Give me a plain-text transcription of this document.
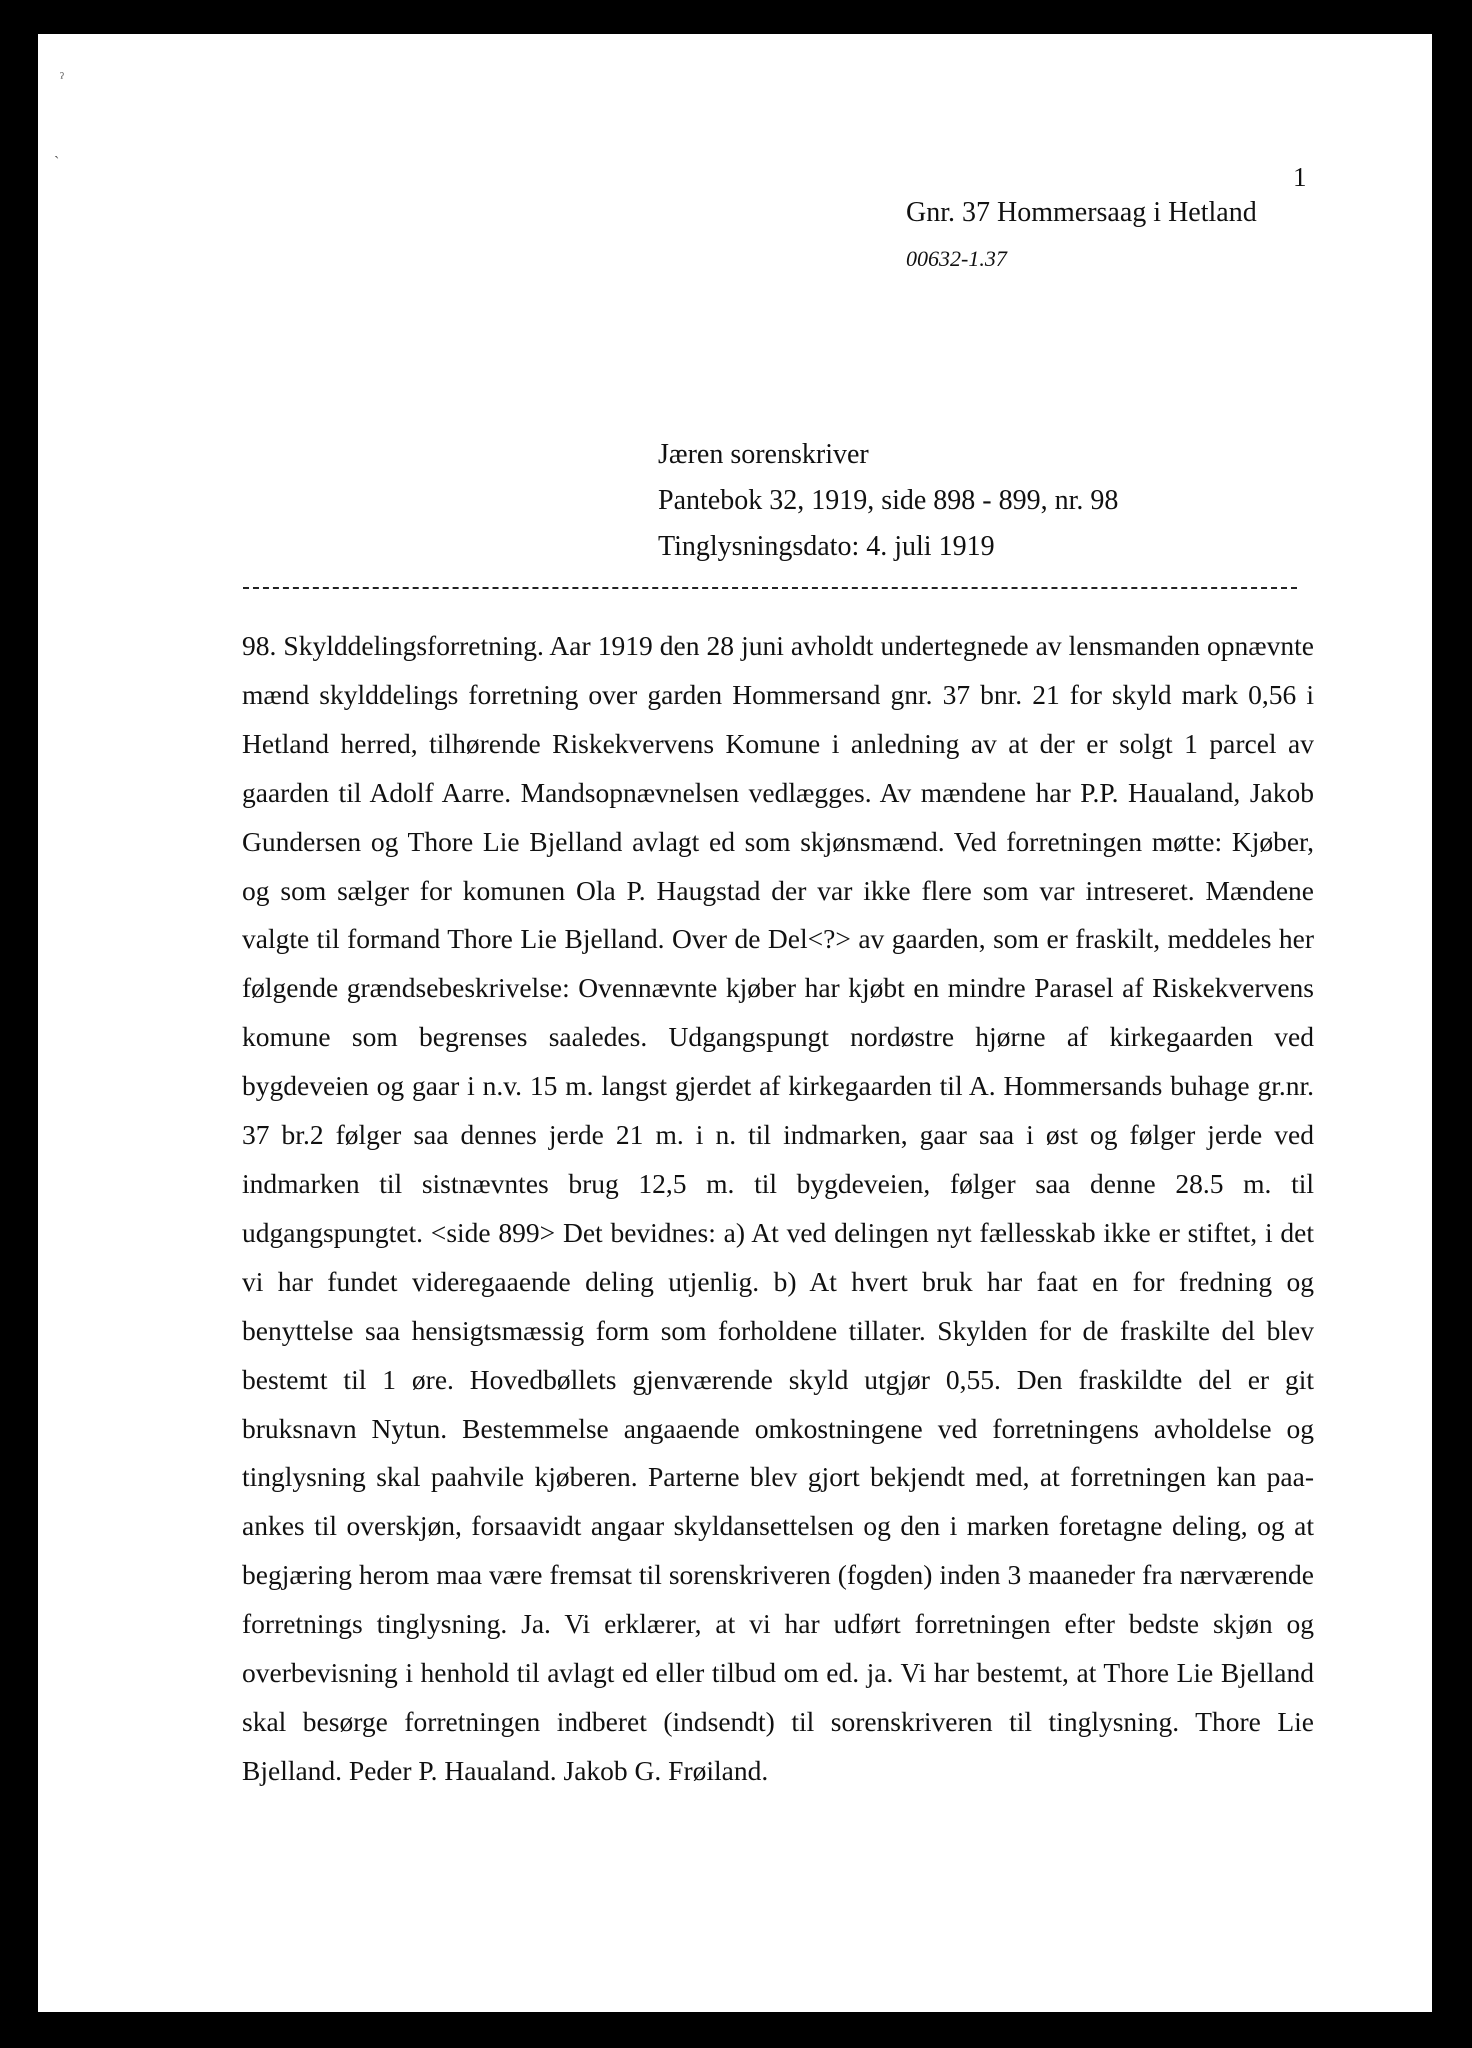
ˀ
ˎ
1
Gnr. 37 Hommersaag i Hetland
00632-1.37
Jæren sorenskriver
Pantebok 32, 1919, side 898 - 899, nr. 98
Tinglysningsdato: 4. juli 1919

98. Skylddelingsforretning. Aar 1919 den 28 juni avholdt undertegnede av lensmanden opnævnte mænd skylddelings forretning over garden Hommersand gnr. 37 bnr. 21 for skyld mark 0,56 i Hetland herred, tilhørende Riskekvervens Komune i anledning av at der er solgt 1 parcel av gaarden til Adolf Aarre. Mandsopnævnelsen vedlægges. Av mændene har P.P. Haualand, Jakob Gundersen og Thore Lie Bjelland avlagt ed som skjønsmænd. Ved forretningen møtte: Kjøber, og som sælger for komunen Ola P. Haugstad der var ikke flere som var intreseret. Mændene valgte til formand Thore Lie Bjelland. Over de Del<?> av gaarden, som er fraskilt, meddeles her følgende grændsebeskrivelse: Ovennævnte kjøber har kjøbt en mindre Parasel af Riskekvervens komune som begrenses saaledes. Udgangspungt nordøstre hjørne af kirkegaarden ved bygdeveien og gaar i n.v. 15 m. langst gjerdet af kirkegaarden til A. Hommersands buhage gr.nr. 37 br.2 følger saa dennes jerde 21 m. i n. til indmarken, gaar saa i øst og følger jerde ved indmarken til sistnævntes brug 12,5 m. til bygdeveien, følger saa denne 28.5 m. til udgangspungtet. <side 899> Det bevidnes: a) At ved delingen nyt fællesskab ikke er stiftet, i det vi har fundet videregaaende deling utjenlig. b) At hvert bruk har faat en for fredning og benyttelse saa hensigtsmæssig form som forholdene tillater. Skylden for de fraskilte del blev bestemt til 1 øre. Hovedbøllets gjenværende skyld utgjør 0,55. Den fraskildte del er git bruksnavn Nytun. Bestemmelse angaaende omkostningene ved forretningens avholdelse og tinglysning skal paahvile kjøberen. Parterne blev gjort bekjendt med, at forretningen kan paa-ankes til overskjøn, forsaavidt angaar skyldansettelsen og den i marken foretagne deling, og at begjæring herom maa være fremsat til sorenskriveren (fogden) inden 3 maaneder fra nærværende forretnings tinglysning. Ja. Vi erklærer, at vi har udført forretningen efter bedste skjøn og overbevisning i henhold til avlagt ed eller tilbud om ed. ja. Vi har bestemt, at Thore Lie Bjelland skal besørge forretningen indberet (indsendt) til sorenskriveren til tinglysning. Thore Lie Bjelland. Peder P. Haualand. Jakob G. Frøiland.
